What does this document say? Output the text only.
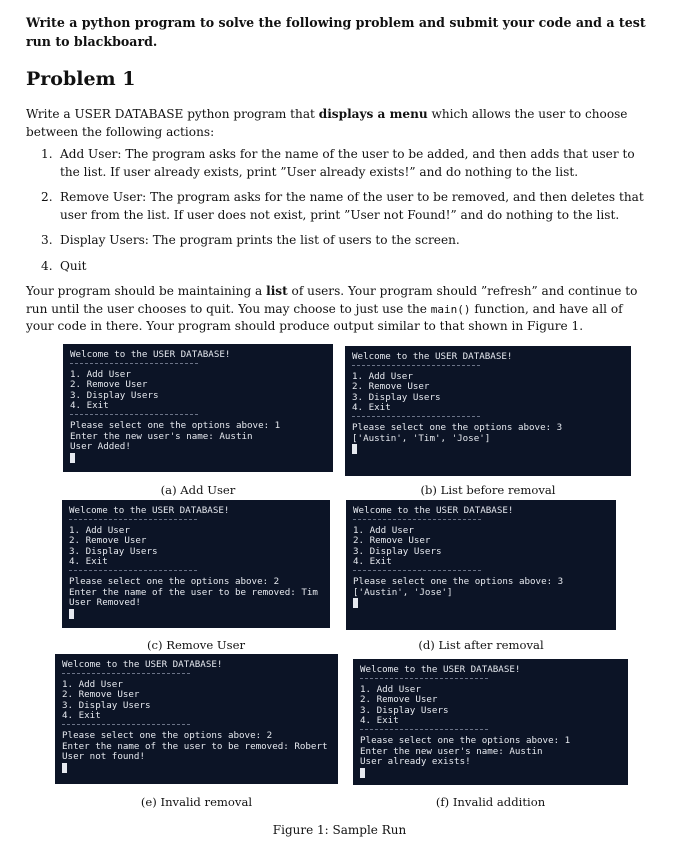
Write a python program to solve the following problem and submit your code and a test run to blackboard.
Problem 1
Write a USER DATABASE python program that displays a menu which allows the user to choose between the following actions:
1. Add User: The program asks for the name of the user to be added, and then adds that user to the list. If user already exists, print ”User already exists!” and do nothing to the list.
2. Remove User: The program asks for the name of the user to be removed, and then deletes that user from the list. If user does not exist, print ”User not Found!” and do nothing to the list.
3. Display Users: The program prints the list of users to the screen.
4. Quit
Your program should be maintaining a list of users. Your program should ”refresh” and continue to run until the user chooses to quit. You may choose to just use the main() function, and have all of your code in there. Your program should produce output similar to that shown in Figure 1.
Welcome to the USER DATABASE!
1. Add User
2. Remove User
3. Display Users
4. Exit
Please select one the options above: 1
Enter the new user's name: Austin
User Added!
(a) Add User
Welcome to the USER DATABASE!
1. Add User
2. Remove User
3. Display Users
4. Exit
Please select one the options above: 3
['Austin', 'Tim', 'Jose']
(b) List before removal
Welcome to the USER DATABASE!
1. Add User
2. Remove User
3. Display Users
4. Exit
Please select one the options above: 2
Enter the name of the user to be removed: Tim
User Removed!
(c) Remove User
Welcome to the USER DATABASE!
1. Add User
2. Remove User
3. Display Users
4. Exit
Please select one the options above: 3
['Austin', 'Jose']
(d) List after removal
Welcome to the USER DATABASE!
1. Add User
2. Remove User
3. Display Users
4. Exit
Please select one the options above: 2
Enter the name of the user to be removed: Robert
User not found!
(e) Invalid removal
Welcome to the USER DATABASE!
1. Add User
2. Remove User
3. Display Users
4. Exit
Please select one the options above: 1
Enter the new user's name: Austin
User already exists!
(f) Invalid addition
Figure 1: Sample Run
